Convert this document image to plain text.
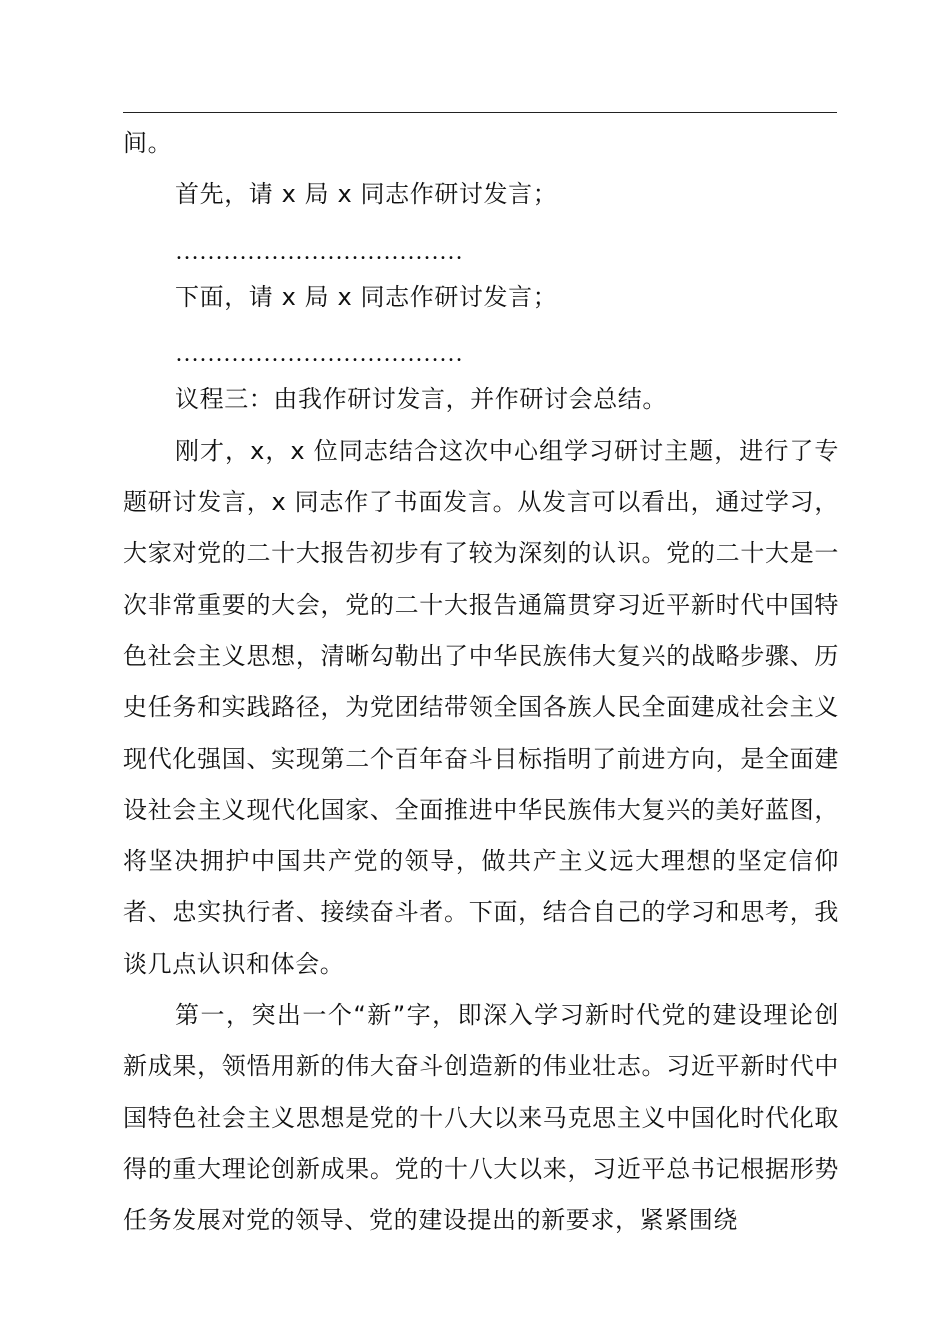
间。

首先，请 x 局 x 同志作研讨发言；

………………………………

下面，请 x 局 x 同志作研讨发言；

………………………………

议程三：由我作研讨发言，并作研讨会总结。

刚才，x，x 位同志结合这次中心组学习研讨主题，进行了专题研讨发言，x 同志作了书面发言。从发言可以看出，通过学习，大家对党的二十大报告初步有了较为深刻的认识。党的二十大是一次非常重要的大会，党的二十大报告通篇贯穿习近平新时代中国特色社会主义思想，清晰勾勒出了中华民族伟大复兴的战略步骤、历史任务和实践路径，为党团结带领全国各族人民全面建成社会主义现代化强国、实现第二个百年奋斗目标指明了前进方向，是全面建设社会主义现代化国家、全面推进中华民族伟大复兴的美好蓝图，将坚决拥护中国共产党的领导，做共产主义远大理想的坚定信仰者、忠实执行者、接续奋斗者。下面，结合自己的学习和思考，我谈几点认识和体会。

第一，突出一个“新”字，即深入学习新时代党的建设理论创新成果，领悟用新的伟大奋斗创造新的伟业壮志。习近平新时代中国特色社会主义思想是党的十八大以来马克思主义中国化时代化取得的重大理论创新成果。党的十八大以来，习近平总书记根据形势任务发展对党的领导、党的建设提出的新要求，紧紧围绕
